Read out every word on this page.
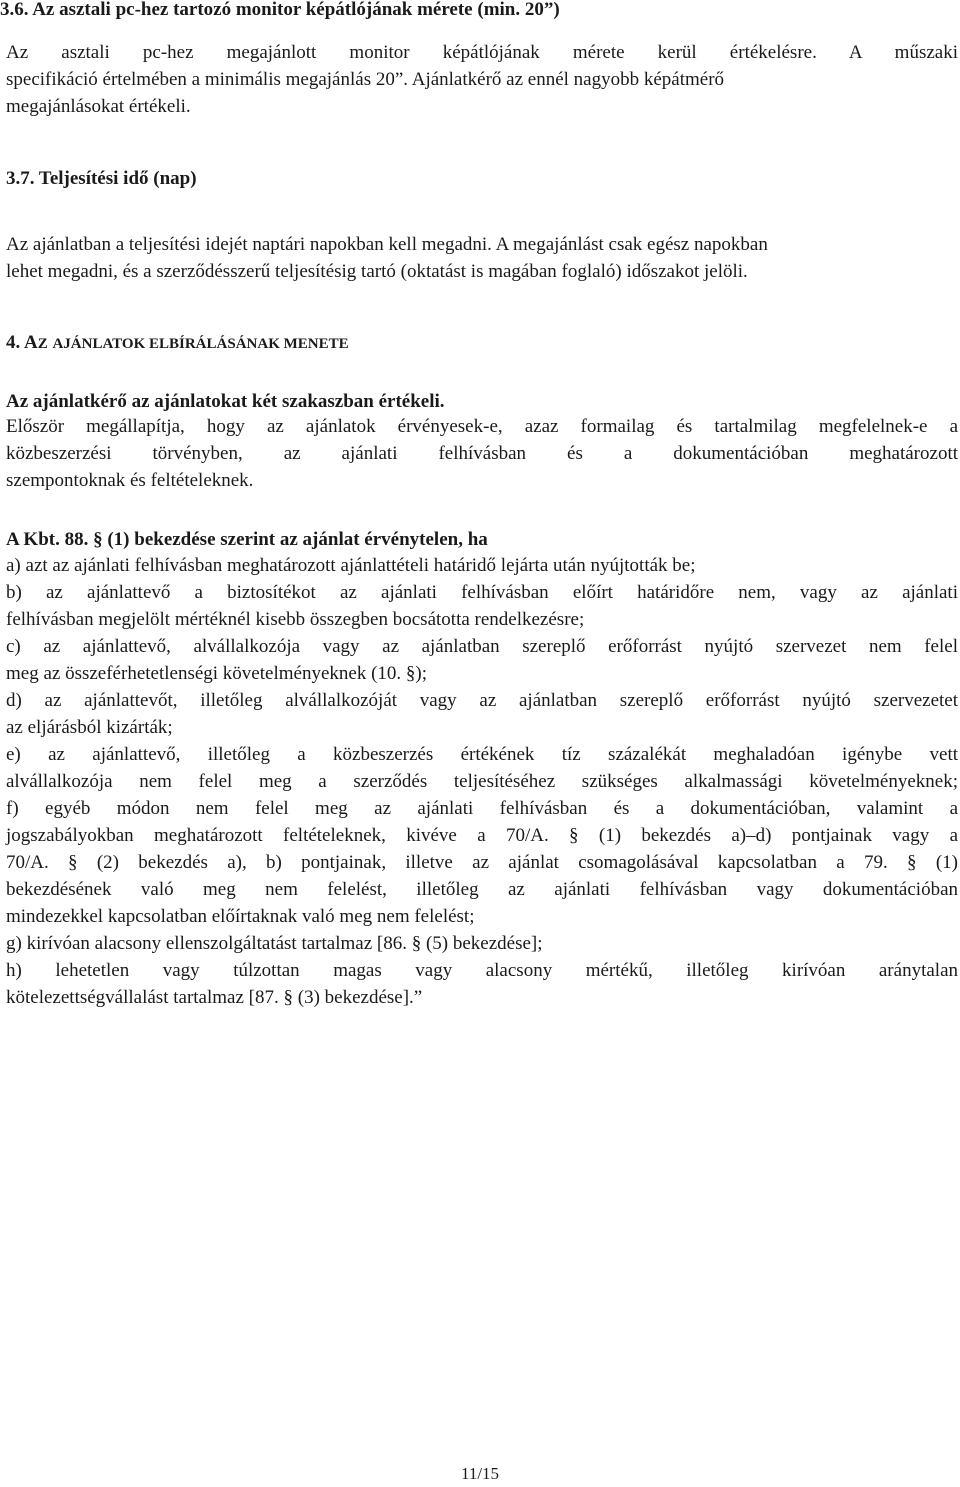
3.6. Az asztali pc-hez tartozó monitor képátlójának mérete (min. 20”)
Az asztali pc-hez megajánlott monitor képátlójának mérete kerül értékelésre. A műszaki
specifikáció értelmében a minimális megajánlás 20”. Ajánlatkérő az ennél nagyobb képátmérő
megajánlásokat értékeli.
3.7. Teljesítési idő (nap)
Az ajánlatban a teljesítési idejét naptári napokban kell megadni. A megajánlást csak egész napokban
lehet megadni, és a szerződésszerű teljesítésig tartó (oktatást is magában foglaló) időszakot jelöli.
4. AZ AJÁNLATOK ELBÍRÁLÁSÁNAK MENETE
Az ajánlatkérő az ajánlatokat két szakaszban értékeli.
Először megállapítja, hogy az ajánlatok érvényesek-e, azaz formailag és tartalmilag megfelelnek-e a
közbeszerzési törvényben, az ajánlati felhívásban és a dokumentációban meghatározott
szempontoknak és feltételeknek.
A Kbt. 88. § (1) bekezdése szerint az ajánlat érvénytelen, ha
a) azt az ajánlati felhívásban meghatározott ajánlattételi határidő lejárta után nyújtották be;
b) az ajánlattevő a biztosítékot az ajánlati felhívásban előírt határidőre nem, vagy az ajánlati
felhívásban megjelölt mértéknél kisebb összegben bocsátotta rendelkezésre;
c) az ajánlattevő, alvállalkozója vagy az ajánlatban szereplő erőforrást nyújtó szervezet nem felel
meg az összeférhetetlenségi követelményeknek (10. §);
d) az ajánlattevőt, illetőleg alvállalkozóját vagy az ajánlatban szereplő erőforrást nyújtó szervezetet
az eljárásból kizárták;
e) az ajánlattevő, illetőleg a közbeszerzés értékének tíz százalékát meghaladóan igénybe vett
alvállalkozója nem felel meg a szerződés teljesítéséhez szükséges alkalmassági követelményeknek;
f) egyéb módon nem felel meg az ajánlati felhívásban és a dokumentációban, valamint a
jogszabályokban meghatározott feltételeknek, kivéve a 70/A. § (1) bekezdés a)–d) pontjainak vagy a
70/A. § (2) bekezdés a), b) pontjainak, illetve az ajánlat csomagolásával kapcsolatban a 79. § (1)
bekezdésének való meg nem felelést, illetőleg az ajánlati felhívásban vagy dokumentációban
mindezekkel kapcsolatban előírtaknak való meg nem felelést;
g) kirívóan alacsony ellenszolgáltatást tartalmaz [86. § (5) bekezdése];
h) lehetetlen vagy túlzottan magas vagy alacsony mértékű, illetőleg kirívóan aránytalan
kötelezettségvállalást tartalmaz [87. § (3) bekezdése].”
11/15
